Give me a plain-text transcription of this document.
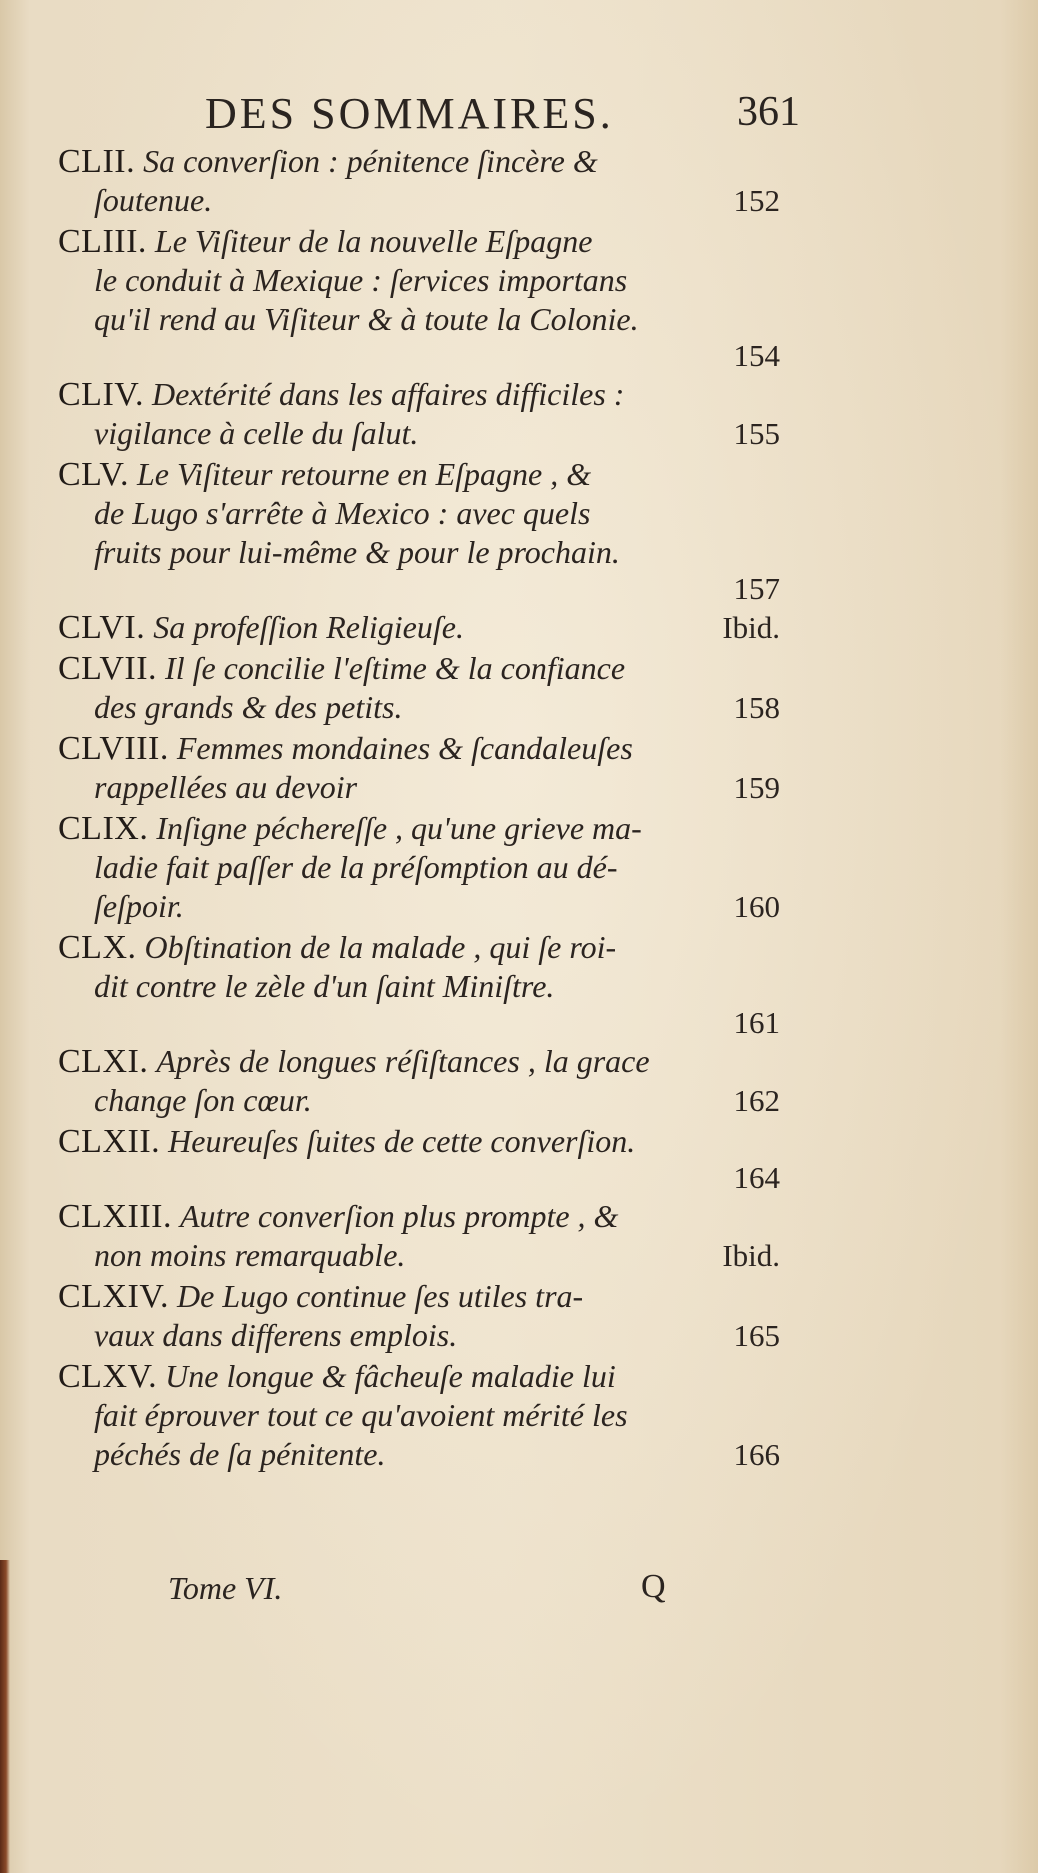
DES SOMMAIRES.	361
CLII. Sa converſion : pénitence ſincère &
ſoutenue.	152
CLIII. Le Viſiteur de la nouvelle Eſpagne
le conduit à Mexique : ſervices importans
qu'il rend au Viſiteur & à toute la Colonie.
154
CLIV. Dextérité dans les affaires difficiles :
vigilance à celle du ſalut.	155
CLV. Le Viſiteur retourne en Eſpagne , &
de Lugo s'arrête à Mexico : avec quels
fruits pour lui-même & pour le prochain.
157
CLVI. Sa profeſſion Religieuſe.	Ibid.
CLVII. Il ſe concilie l'eſtime & la confiance
des grands & des petits.	158
CLVIII. Femmes mondaines & ſcandaleuſes
rappellées au devoir	159
CLIX. Inſigne péchereſſe , qu'une grieve ma-
ladie fait paſſer de la préſomption au dé-
ſeſpoir.	160
CLX. Obſtination de la malade , qui ſe roi-
dit contre le zèle d'un ſaint Miniſtre.
161
CLXI. Après de longues réſiſtances , la grace
change ſon cœur.	162
CLXII. Heureuſes ſuites de cette converſion.
164
CLXIII. Autre converſion plus prompte , &
non moins remarquable.	Ibid.
CLXIV. De Lugo continue ſes utiles tra-
vaux dans differens emplois.	165
CLXV. Une longue & fâcheuſe maladie lui
fait éprouver tout ce qu'avoient mérité les
péchés de ſa pénitente.	166
Tome VI.	Q
